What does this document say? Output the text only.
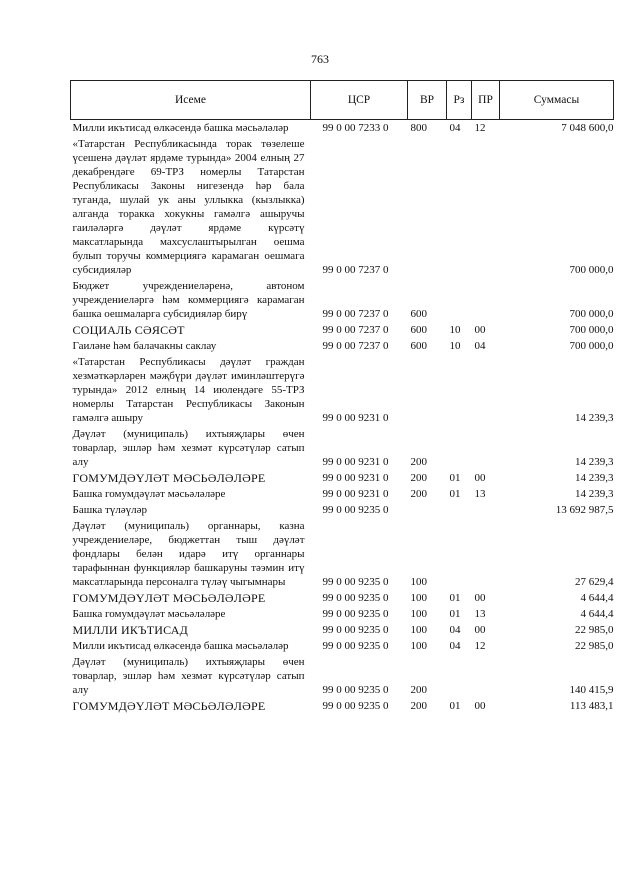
763
Исеме	ЦСР	ВР	Рз	ПР	Суммасы
Милли икътисад өлкәсендә башка мәсьәләләр	99 0 00 7233 0	800	04	12	7 048 600,0
«Татарстан Республикасында торак төзелеше үсешенә дәүләт ярдәме турында» 2004 елның 27 декабрендәге 69-ТРЗ номерлы Татарстан Республикасы Законы нигезендә һәр бала туганда, шулай ук аны уллыкка (кызлыкка) алганда торакка хокукны гамәлгә ашыручы гаиләләргә дәүләт ярдәме күрсәтү максатларында махсуслаштырылган оешма булып торучы коммерциягә карамаган оешмага субсидияләр	99 0 00 7237 0				700 000,0
Бюджет учреждениеләренә, автоном учреждениеләргә һәм коммерциягә карамаган башка оешмаларга субсидияләр бирү	99 0 00 7237 0	600			700 000,0
СОЦИАЛЬ СӘЯСӘТ	99 0 00 7237 0	600	10	00	700 000,0
Гаиләне һәм балачакны саклау	99 0 00 7237 0	600	10	04	700 000,0
«Татарстан Республикасы дәүләт граждан хезмәткәрләрен мәҗбүри дәүләт иминләштерүгә турында» 2012 елның 14 июлендәге 55-ТРЗ номерлы Татарстан Республикасы Законын гамәлгә ашыру	99 0 00 9231 0				14 239,3
Дәүләт (муниципаль) ихтыяҗлары өчен товарлар, эшләр һәм хезмәт күрсәтүләр сатып алу	99 0 00 9231 0	200			14 239,3
ГОМУМДӘҮЛӘТ МӘСЬӘЛӘЛӘРЕ	99 0 00 9231 0	200	01	00	14 239,3
Башка гомумдәүләт мәсьәләләре	99 0 00 9231 0	200	01	13	14 239,3
Башка түләүләр	99 0 00 9235 0				13 692 987,5
Дәүләт (муниципаль) органнары, казна учреждениеләре, бюджеттан тыш дәүләт фондлары белән идарә итү органнары тарафыннан функцияләр башкаруны тәэмин итү максатларында персоналга түләү чыгымнары	99 0 00 9235 0	100			27 629,4
ГОМУМДӘҮЛӘТ МӘСЬӘЛӘЛӘРЕ	99 0 00 9235 0	100	01	00	4 644,4
Башка гомумдәүләт мәсьәләләре	99 0 00 9235 0	100	01	13	4 644,4
МИЛЛИ ИКЪТИСАД	99 0 00 9235 0	100	04	00	22 985,0
Милли икътисад өлкәсендә башка мәсьәләләр	99 0 00 9235 0	100	04	12	22 985,0
Дәүләт (муниципаль) ихтыяҗлары өчен товарлар, эшләр һәм хезмәт күрсәтүләр сатып алу	99 0 00 9235 0	200			140 415,9
ГОМУМДӘҮЛӘТ МӘСЬӘЛӘЛӘРЕ	99 0 00 9235 0	200	01	00	113 483,1
